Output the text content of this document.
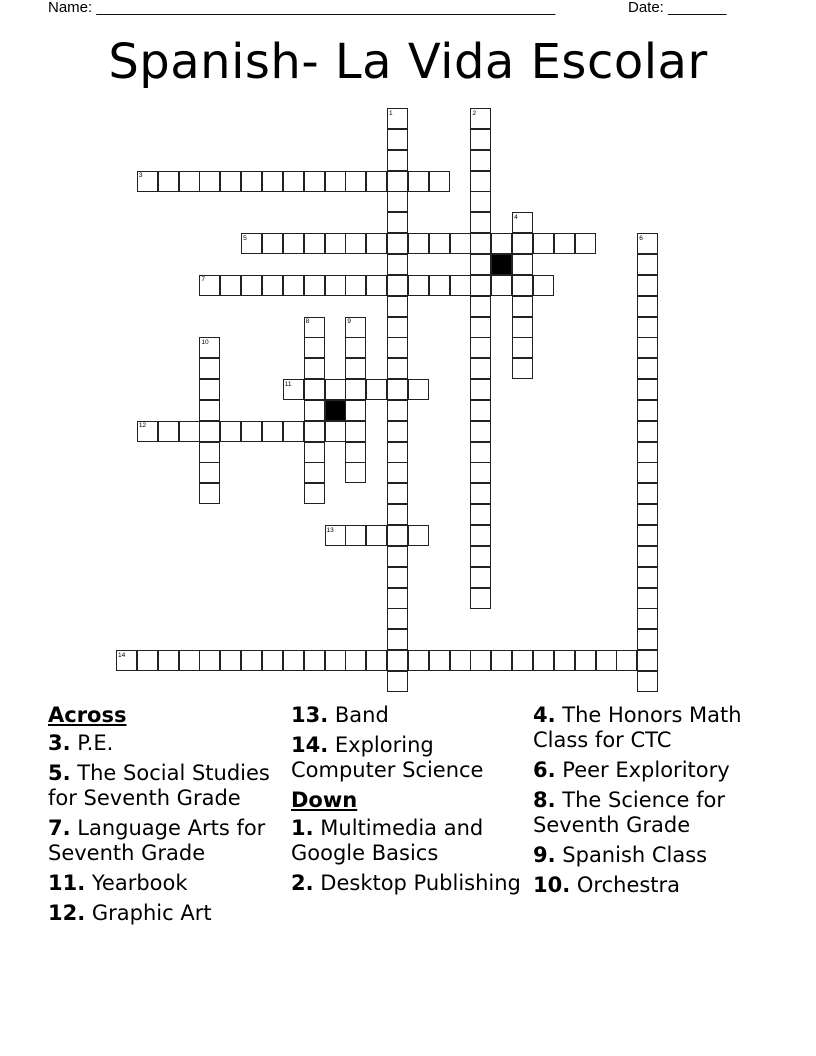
Name: _______________________________________________________	Date: _______
Spanish- La Vida Escolar
1	2
3
4
5	6
7
8	9
10
11
12
13
14
Across
3. P.E.
5. The Social Studies for Seventh Grade
7. Language Arts for Seventh Grade
11. Yearbook
12. Graphic Art
13. Band
14. Exploring Computer Science
Down
1. Multimedia and Google Basics
2. Desktop Publishing
4. The Honors Math Class for CTC
6. Peer Exploritory
8. The Science for Seventh Grade
9. Spanish Class
10. Orchestra
